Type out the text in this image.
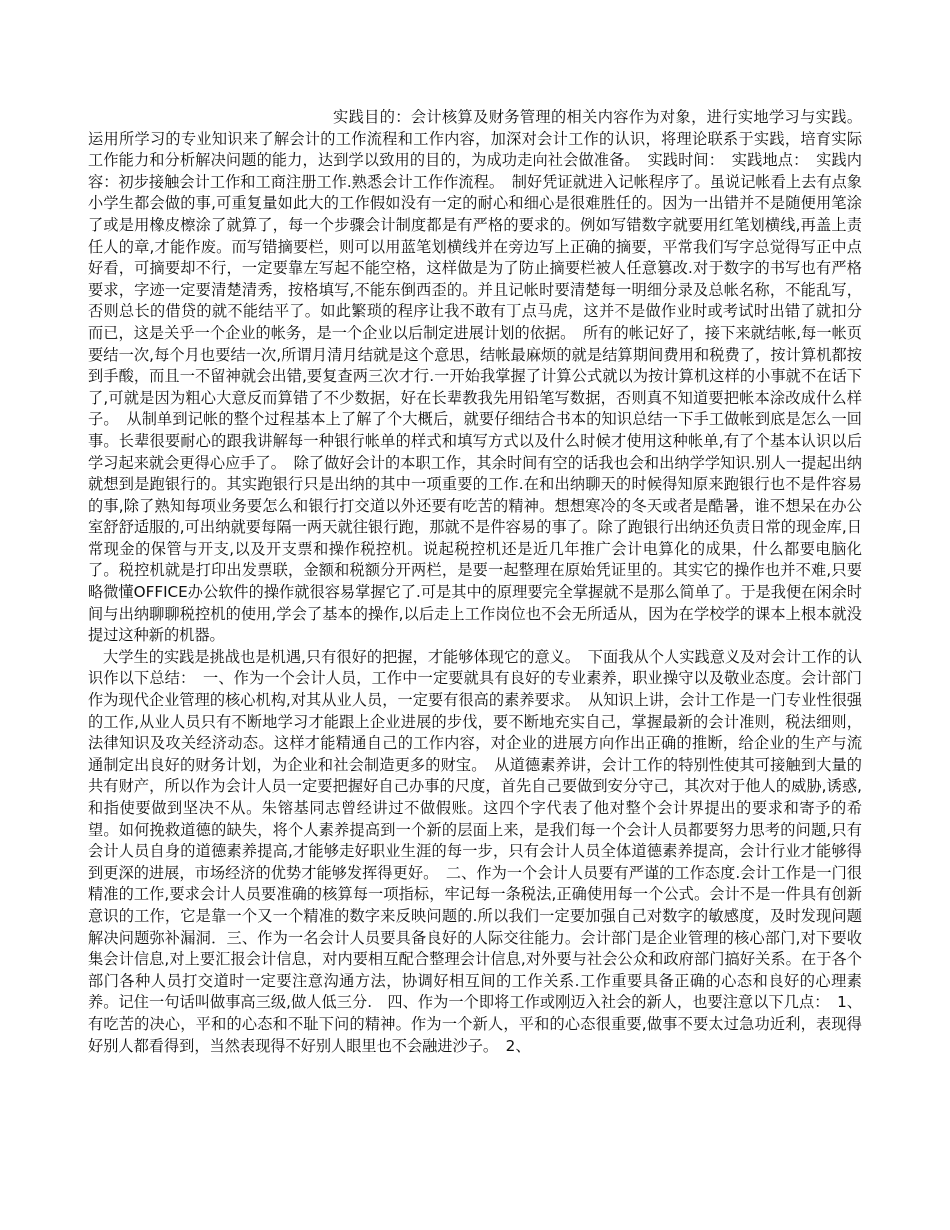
实践目的：会计核算及财务管理的相关内容作为对象，进行实地学习与实践。运用所学习的专业知识来了解会计的工作流程和工作内容，加深对会计工作的认识，将理论联系于实践，培育实际工作能力和分析解决问题的能力，达到学以致用的目的，为成功走向社会做准备。　实践时间：　实践地点：　实践内容：初步接触会计工作和工商注册工作.熟悉会计工作作流程。　制好凭证就进入记帐程序了。虽说记帐看上去有点象小学生都会做的事,可重复量如此大的工作假如没有一定的耐心和细心是很难胜任的。因为一出错并不是随便用笔涂了或是用橡皮檫涂了就算了，每一个步骤会计制度都是有严格的要求的。例如写错数字就要用红笔划横线,再盖上责任人的章,才能作废。而写错摘要栏，则可以用蓝笔划横线并在旁边写上正确的摘要，平常我们写字总觉得写正中点好看，可摘要却不行，一定要靠左写起不能空格，这样做是为了防止摘要栏被人任意篡改.对于数字的书写也有严格要求，字迹一定要清楚清秀，按格填写,不能东倒西歪的。并且记帐时要清楚每一明细分录及总帐名称，不能乱写，否则总长的借贷的就不能结平了。如此繁琐的程序让我不敢有丁点马虎，这并不是做作业时或考试时出错了就扣分而已，这是关乎一个企业的帐务，是一个企业以后制定进展计划的依据。　所有的帐记好了，接下来就结帐,每一帐页要结一次,每个月也要结一次,所谓月清月结就是这个意思，结帐最麻烦的就是结算期间费用和税费了，按计算机都按到手酸，而且一不留神就会出错,要复查两三次才行.一开始我掌握了计算公式就以为按计算机这样的小事就不在话下了,可就是因为粗心大意反而算错了不少数据，好在长辈教我先用铅笔写数据，否则真不知道要把帐本涂改成什么样子。　从制单到记帐的整个过程基本上了解了个大概后，就要仔细结合书本的知识总结一下手工做帐到底是怎么一回事。长辈很要耐心的跟我讲解每一种银行帐单的样式和填写方式以及什么时候才使用这种帐单,有了个基本认识以后学习起来就会更得心应手了。　除了做好会计的本职工作，其余时间有空的话我也会和出纳学学知识.别人一提起出纳就想到是跑银行的。其实跑银行只是出纳的其中一项重要的工作.在和出纳聊天的时候得知原来跑银行也不是件容易的事,除了熟知每项业务要怎么和银行打交道以外还要有吃苦的精神。想想寒冷的冬天或者是酷暑，谁不想呆在办公室舒舒适服的,可出纳就要每隔一两天就往银行跑，那就不是件容易的事了。除了跑银行出纳还负责日常的现金库,日常现金的保管与开支,以及开支票和操作税控机。说起税控机还是近几年推广会计电算化的成果，什么都要电脑化了。税控机就是打印出发票联，金额和税额分开两栏，是要一起整理在原始凭证里的。其实它的操作也并不难,只要略微懂OFFICE办公软件的操作就很容易掌握它了.可是其中的原理要完全掌握就不是那么简单了。于是我便在闲余时间与出纳聊聊税控机的使用,学会了基本的操作,以后走上工作岗位也不会无所适从，因为在学校学的课本上根本就没提过这种新的机器。

大学生的实践是挑战也是机遇,只有很好的把握，才能够体现它的意义。　下面我从个人实践意义及对会计工作的认识作以下总结：　一、作为一个会计人员，工作中一定要就具有良好的专业素养，职业操守以及敬业态度。会计部门作为现代企业管理的核心机构,对其从业人员，一定要有很高的素养要求。　从知识上讲，会计工作是一门专业性很强的工作,从业人员只有不断地学习才能跟上企业进展的步伐，要不断地充实自己，掌握最新的会计准则，税法细则，法律知识及攻关经济动态。这样才能精通自己的工作内容，对企业的进展方向作出正确的推断，给企业的生产与流通制定出良好的财务计划，为企业和社会制造更多的财宝。　从道德素养讲，会计工作的特别性使其可接触到大量的共有财产，所以作为会计人员一定要把握好自己办事的尺度，首先自己要做到安分守己，其次对于他人的威胁,诱惑,和指使要做到坚决不从。朱镕基同志曾经讲过不做假账。这四个字代表了他对整个会计界提出的要求和寄予的希望。如何挽救道德的缺失，将个人素养提高到一个新的层面上来，是我们每一个会计人员都要努力思考的问题,只有会计人员自身的道德素养提高,才能够走好职业生涯的每一步，只有会计人员全体道德素养提高，会计行业才能够得到更深的进展，市场经济的优势才能够发挥得更好。　二、作为一个会计人员要有严谨的工作态度.会计工作是一门很精准的工作,要求会计人员要准确的核算每一项指标，牢记每一条税法,正确使用每一个公式。会计不是一件具有创新意识的工作，它是靠一个又一个精准的数字来反映问题的.所以我们一定要加强自己对数字的敏感度，及时发现问题解决问题弥补漏洞．三、作为一名会计人员要具备良好的人际交往能力。会计部门是企业管理的核心部门,对下要收集会计信息,对上要汇报会计信息，对内要相互配合整理会计信息,对外要与社会公众和政府部门搞好关系。在于各个部门各种人员打交道时一定要注意沟通方法，协调好相互间的工作关系.工作重要具备正确的心态和良好的心理素养。记住一句话叫做事高三级,做人低三分.　四、作为一个即将工作或刚迈入社会的新人，也要注意以下几点：　1、有吃苦的决心，平和的心态和不耻下问的精神。作为一个新人，平和的心态很重要,做事不要太过急功近利，表现得好别人都看得到，当然表现得不好别人眼里也不会融进沙子。　2、
